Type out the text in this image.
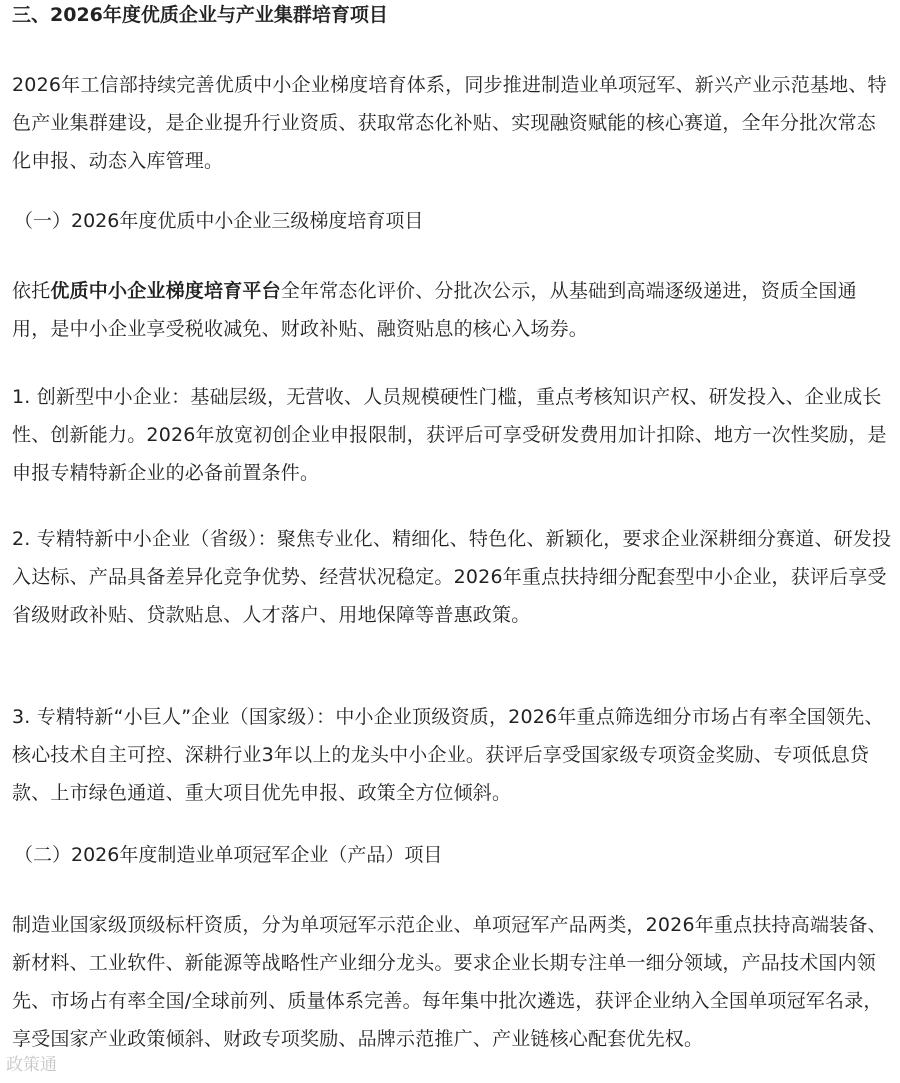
三、2026年度优质企业与产业集群培育项目

2026年工信部持续完善优质中小企业梯度培育体系，同步推进制造业单项冠军、新兴产业示范基地、特色产业集群建设，是企业提升行业资质、获取常态化补贴、实现融资赋能的核心赛道，全年分批次常态化申报、动态入库管理。

（一）2026年度优质中小企业三级梯度培育项目

依托优质中小企业梯度培育平台全年常态化评价、分批次公示，从基础到高端逐级递进，资质全国通用，是中小企业享受税收减免、财政补贴、融资贴息的核心入场券。

1. 创新型中小企业：基础层级，无营收、人员规模硬性门槛，重点考核知识产权、研发投入、企业成长性、创新能力。2026年放宽初创企业申报限制，获评后可享受研发费用加计扣除、地方一次性奖励，是申报专精特新企业的必备前置条件。

2. 专精特新中小企业（省级）：聚焦专业化、精细化、特色化、新颖化，要求企业深耕细分赛道、研发投入达标、产品具备差异化竞争优势、经营状况稳定。2026年重点扶持细分配套型中小企业，获评后享受省级财政补贴、贷款贴息、人才落户、用地保障等普惠政策。

3. 专精特新“小巨人”企业（国家级）：中小企业顶级资质，2026年重点筛选细分市场占有率全国领先、核心技术自主可控、深耕行业3年以上的龙头中小企业。获评后享受国家级专项资金奖励、专项低息贷款、上市绿色通道、重大项目优先申报、政策全方位倾斜。

（二）2026年度制造业单项冠军企业（产品）项目

制造业国家级顶级标杆资质，分为单项冠军示范企业、单项冠军产品两类，2026年重点扶持高端装备、新材料、工业软件、新能源等战略性产业细分龙头。要求企业长期专注单一细分领域，产品技术国内领先、市场占有率全国/全球前列、质量体系完善。每年集中批次遴选，获评企业纳入全国单项冠军名录，享受国家产业政策倾斜、财政专项奖励、品牌示范推广、产业链核心配套优先权。

政策通
